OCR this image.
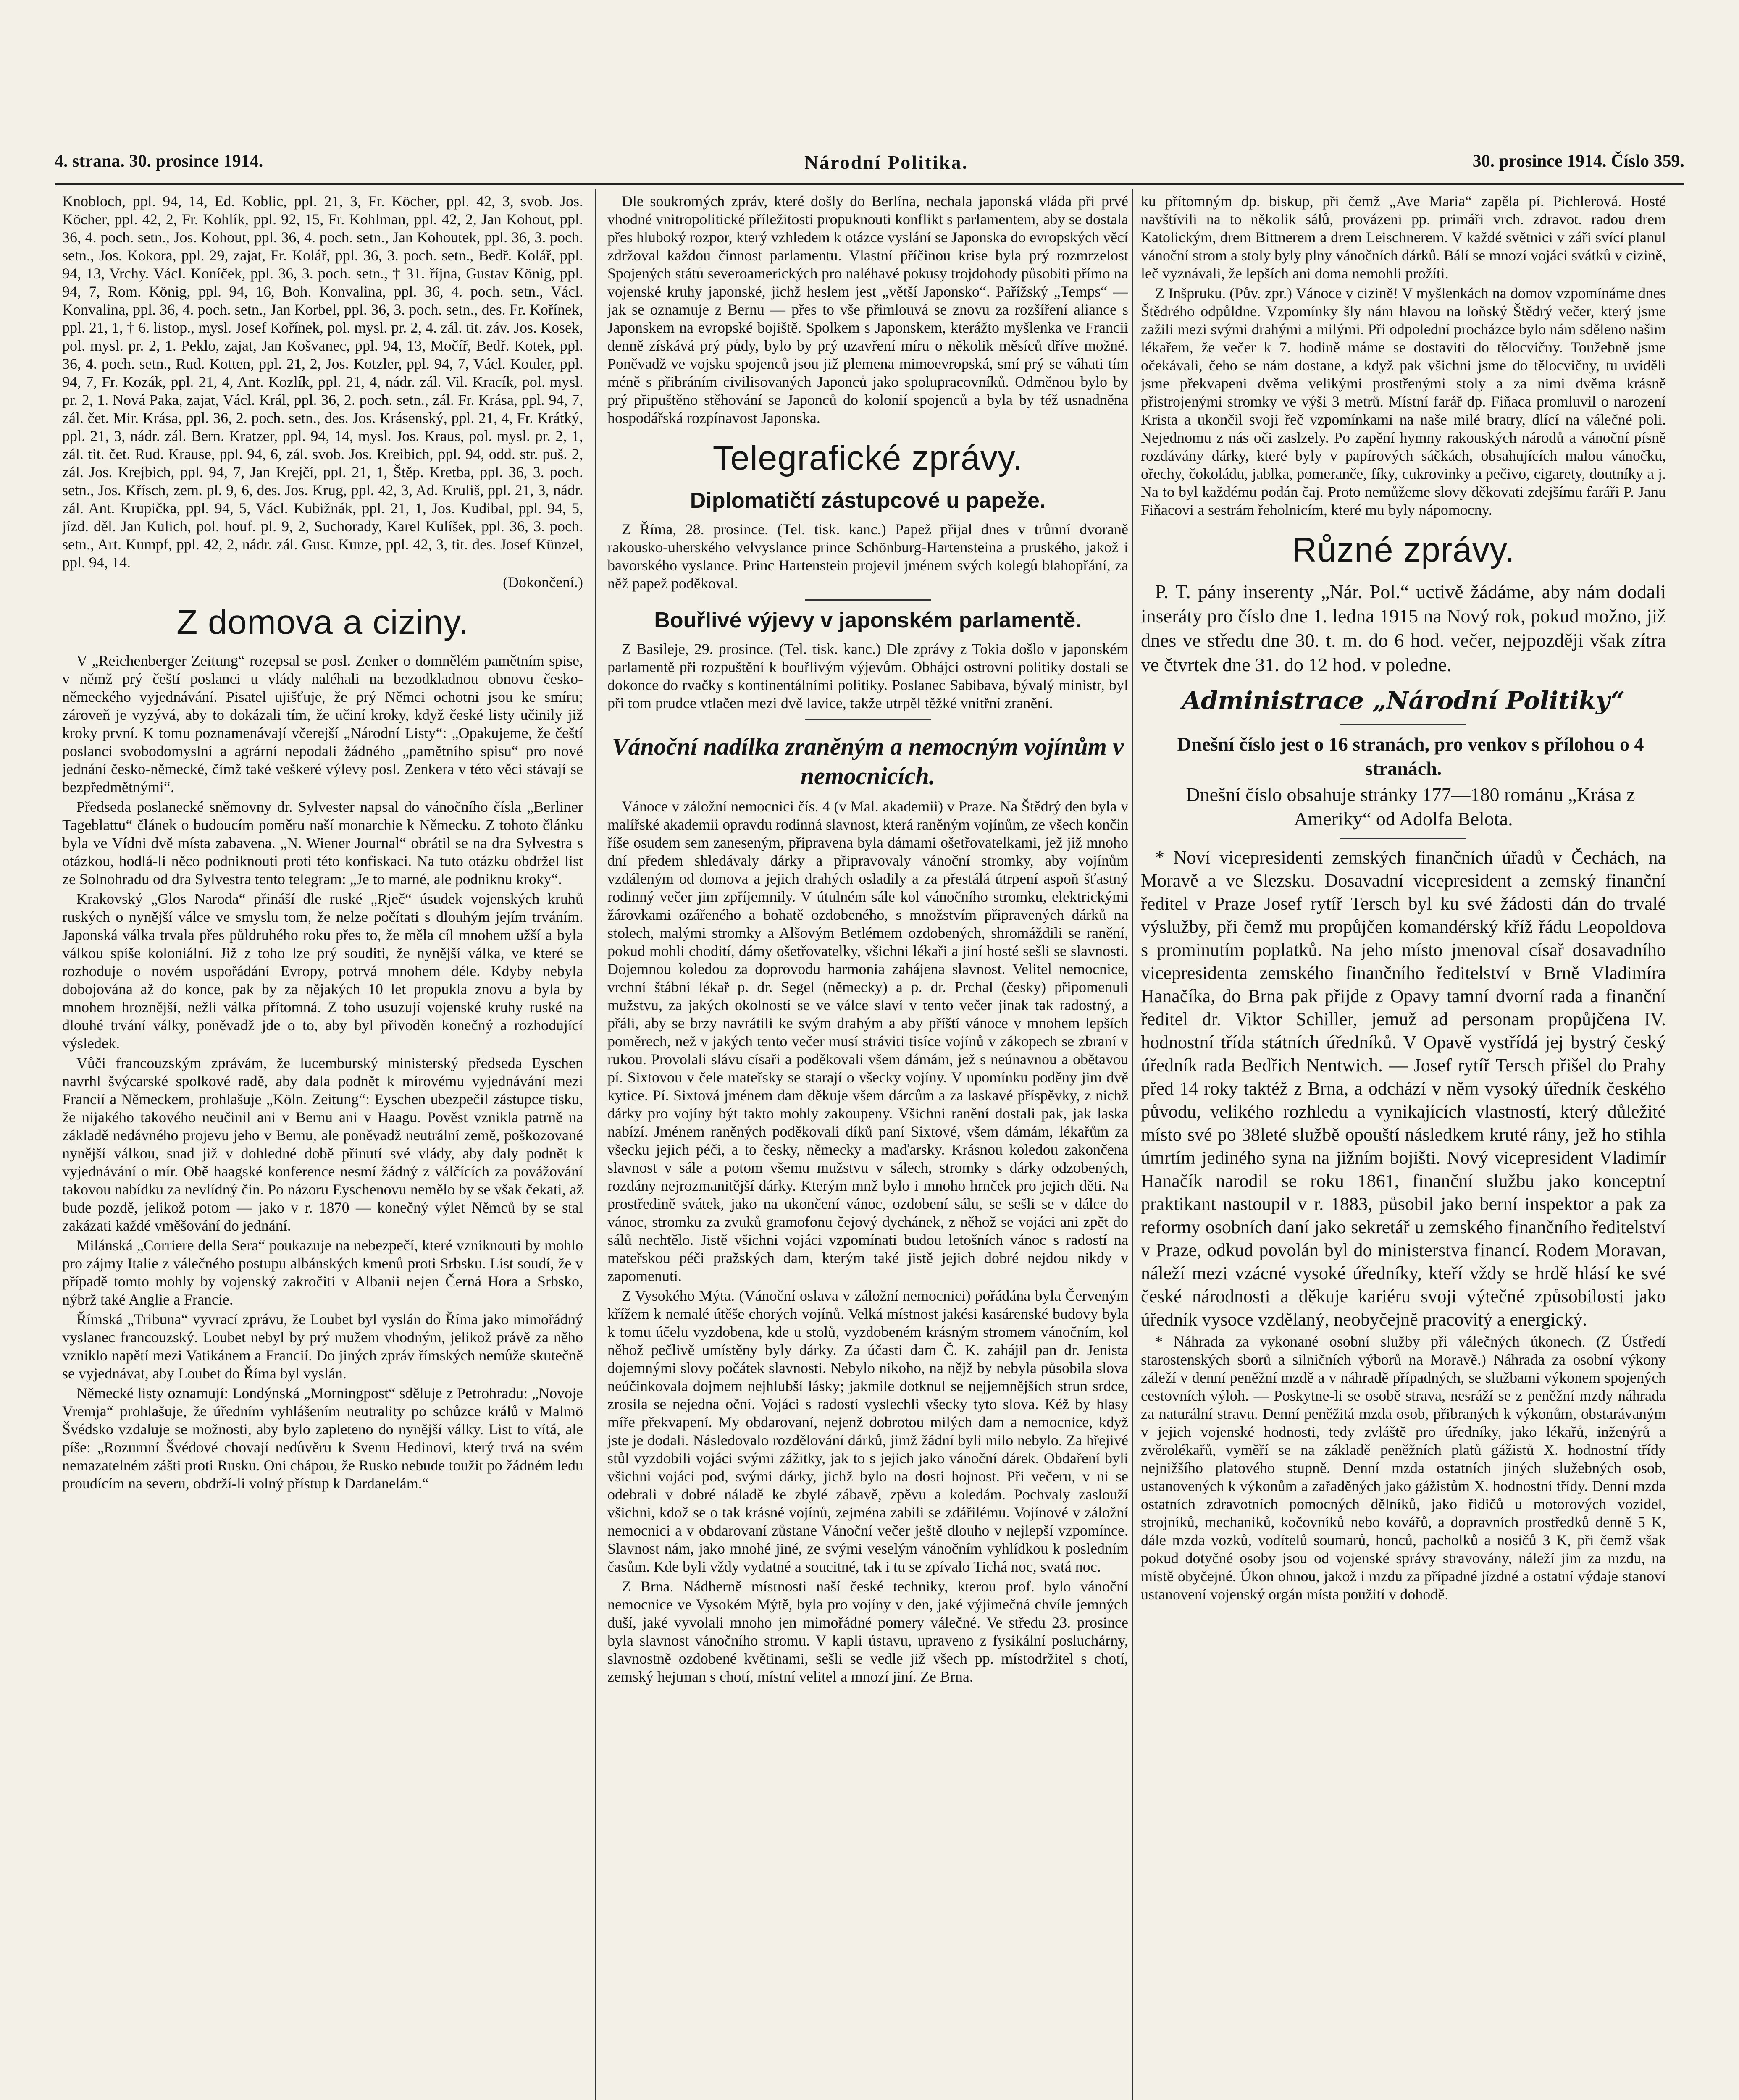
4. strana. 30. prosince 1914.	Národní Politika.	30. prosince 1914. Číslo 359.

Knobloch, ppl. 94, 14, Ed. Koblic, ppl. 21, 3, Fr. Köcher, ppl. 42, 3, svob. Jos. Köcher, ppl. 42, 2, Fr. Kohlík, ppl. 92, 15, Fr. Kohlman, ppl. 42, 2, Jan Kohout, ppl. 36, 4. poch. setn., Jos. Kohout, ppl. 36, 4. poch. setn., Jan Kohoutek, ppl. 36, 3. poch. setn., Jos. Kokora, ppl. 29, zajat, Fr. Kolář, ppl. 36, 3. poch. setn., Bedř. Kolář, ppl. 94, 13, Vrchy. Václ. Koníček, ppl. 36, 3. poch. setn., † 31. října, Gustav König, ppl. 94, 7, Rom. König, ppl. 94, 16, Boh. Konvalina, ppl. 36, 4. poch. setn., Václ. Konvalina, ppl. 36, 4. poch. setn., Jan Korbel, ppl. 36, 3. poch. setn., des. Fr. Kořínek, ppl. 21, 1, † 6. listop., mysl. Josef Kořínek, pol. mysl. pr. 2, 4. zál. tit. záv. Jos. Kosek, pol. mysl. pr. 2, 1. Peklo, zajat, Jan Košvanec, ppl. 94, 13, Močíř, Bedř. Kotek, ppl. 36, 4. poch. setn., Rud. Kotten, ppl. 21, 2, Jos. Kotzler, ppl. 94, 7, Václ. Kouler, ppl. 94, 7, Fr. Kozák, ppl. 21, 4, Ant. Kozlík, ppl. 21, 4, nádr. zál. Vil. Kracík, pol. mysl. pr. 2, 1. Nová Paka, zajat, Václ. Král, ppl. 36, 2. poch. setn., zál. Fr. Krása, ppl. 94, 7, zál. čet. Mir. Krása, ppl. 36, 2. poch. setn., des. Jos. Krásenský, ppl. 21, 4, Fr. Krátký, ppl. 21, 3, nádr. zál. Bern. Kratzer, ppl. 94, 14, mysl. Jos. Kraus, pol. mysl. pr. 2, 1, zál. tit. čet. Rud. Krause, ppl. 94, 6, zál. svob. Jos. Kreibich, ppl. 94, odd. str. puš. 2, zál. Jos. Krejbich, ppl. 94, 7, Jan Krejčí, ppl. 21, 1, Štěp. Kretba, ppl. 36, 3. poch. setn., Jos. Křísch, zem. pl. 9, 6, des. Jos. Krug, ppl. 42, 3, Ad. Kruliš, ppl. 21, 3, nádr. zál. Ant. Krupička, ppl. 94, 5, Václ. Kubižnák, ppl. 21, 1, Jos. Kudibal, ppl. 94, 5, jízd. děl. Jan Kulich, pol. houf. pl. 9, 2, Suchorady, Karel Kulíšek, ppl. 36, 3. poch. setn., Art. Kumpf, ppl. 42, 2, nádr. zál. Gust. Kunze, ppl. 42, 3, tit. des. Josef Künzel, ppl. 94, 14.

(Dokončení.)

Z domova a ciziny.

V „Reichenberger Zeitung“ rozepsal se posl. Zenker o domnělém pamětním spise, v němž prý čeští poslanci u vlády naléhali na bezodkladnou obnovu česko-německého vyjednávání. Pisatel ujišťuje, že prý Němci ochotni jsou ke smíru; zároveň je vyzývá, aby to dokázali tím, že učiní kroky, když české listy učinily již kroky první. K tomu poznamenávají včerejší „Národní Listy“: „Opakujeme, že čeští poslanci svobodomyslní a agrární nepodali žádného „pamětního spisu“ pro nové jednání česko-německé, čímž také veškeré výlevy posl. Zenkera v této věci stávají se bezpředmětnými“.

Předseda poslanecké sněmovny dr. Sylvester napsal do vánočního čísla „Berliner Tageblattu“ článek o budoucím poměru naší monarchie k Německu. Z tohoto článku byla ve Vídni dvě místa zabavena. „N. Wiener Journal“ obrátil se na dra Sylvestra s otázkou, hodlá-li něco podniknouti proti této konfiskaci. Na tuto otázku obdržel list ze Solnohradu od dra Sylvestra tento telegram: „Je to marné, ale podniknu kroky“.

Krakovský „Glos Naroda“ přináší dle ruské „Rječ“ úsudek vojenských kruhů ruských o nynější válce ve smyslu tom, že nelze počítati s dlouhým jejím trváním. Japonská válka trvala přes půldruhého roku přes to, že měla cíl mnohem užší a byla válkou spíše koloniální. Již z toho lze prý souditi, že nynější válka, ve které se rozhoduje o novém uspořádání Evropy, potrvá mnohem déle. Kdyby nebyla dobojována až do konce, pak by za nějakých 10 let propukla znovu a byla by mnohem hroznější, nežli válka přítomná. Z toho usuzují vojenské kruhy ruské na dlouhé trvání války, poněvadž jde o to, aby byl přivoděn konečný a rozhodující výsledek.

Vůči francouzským zprávám, že lucemburský ministerský předseda Eyschen navrhl švýcarské spolkové radě, aby dala podnět k mírovému vyjednávání mezi Francií a Německem, prohlašuje „Köln. Zeitung“: Eyschen ubezpečil zástupce tisku, že nijakého takového neučinil ani v Bernu ani v Haagu. Pověst vznikla patrně na základě nedávného projevu jeho v Bernu, ale poněvadž neutrální země, poškozované nynější válkou, snad již v dohledné době přinutí své vlády, aby daly podnět k vyjednávání o mír. Obě haagské konference nesmí žádný z válčících za povážování takovou nabídku za nevlídný čin. Po názoru Eyschenovu nemělo by se však čekati, až bude pozdě, jelikož potom — jako v r. 1870 — konečný výlet Němců by se stal zakázati každé vměšování do jednání.

Milánská „Corriere della Sera“ poukazuje na nebezpečí, které vzniknouti by mohlo pro zájmy Italie z válečného postupu albánských kmenů proti Srbsku. List soudí, že v případě tomto mohly by vojenský zakročiti v Albanii nejen Černá Hora a Srbsko, nýbrž také Anglie a Francie.

Římská „Tribuna“ vyvrací zprávu, že Loubet byl vyslán do Říma jako mimořádný vyslanec francouzský. Loubet nebyl by prý mužem vhodným, jelikož právě za něho vzniklo napětí mezi Vatikánem a Francií. Do jiných zpráv římských nemůže skutečně se vyjednávat, aby Loubet do Říma byl vyslán.

Německé listy oznamují: Londýnská „Morningpost“ sděluje z Petrohradu: „Novoje Vremja“ prohlašuje, že úředním vyhlášením neutrality po schůzce králů v Malmö Švédsko vzdaluje se možnosti, aby bylo zapleteno do nynější války. List to vítá, ale píše: „Rozumní Švédové chovají nedůvěru k Svenu Hedinovi, který trvá na svém nemazatelném zášti proti Rusku. Oni chápou, že Rusko nebude toužit po žádném ledu proudícím na severu, obdrží-li volný přístup k Dardanelám.“

Dle soukromých zpráv, které došly do Berlína, nechala japonská vláda při prvé vhodné vnitropolitické příležitosti propuknouti konflikt s parlamentem, aby se dostala přes hluboký rozpor, který vzhledem k otázce vyslání se Japonska do evropských věcí zdržoval každou činnost parlamentu. Vlastní příčinou krise byla prý rozmrzelost Spojených států severoamerických pro naléhavé pokusy trojdohody působiti přímo na vojenské kruhy japonské, jichž heslem jest „větší Japonsko“. Pařížský „Temps“ — jak se oznamuje z Bernu — přes to vše přimlouvá se znovu za rozšíření aliance s Japonskem na evropské bojiště. Spolkem s Japonskem, kterážto myšlenka ve Francii denně získává prý půdy, bylo by prý uzavření míru o několik měsíců dříve možné. Poněvadž ve vojsku spojenců jsou již plemena mimoevropská, smí prý se váhati tím méně s přibráním civilisovaných Japonců jako spolupracovníků. Odměnou bylo by prý připuštěno stěhování se Japonců do kolonií spojenců a byla by též usnadněna hospodářská rozpínavost Japonska.

Telegrafické zprávy.
Diplomatičtí zástupcové u papeže.

Z Říma, 28. prosince. (Tel. tisk. kanc.) Papež přijal dnes v trůnní dvoraně rakousko-uherského velvyslance prince Schönburg-Hartensteina a pruského, jakož i bavorského vyslance. Princ Hartenstein projevil jménem svých kolegů blahopřání, za něž papež poděkoval.

Bouřlivé výjevy v japonském parlamentě.

Z Basileje, 29. prosince. (Tel. tisk. kanc.) Dle zprávy z Tokia došlo v japonském parlamentě při rozpuštění k bouřlivým výjevům. Obhájci ostrovní politiky dostali se dokonce do rvačky s kontinentálními politiky. Poslanec Sabibava, bývalý ministr, byl při tom prudce vtlačen mezi dvě lavice, takže utrpěl těžké vnitřní zranění.

Vánoční nadílka zraněným a nemocným vojínům v nemocnicích.

Vánoce v záložní nemocnici čís. 4 (v Mal. akademii) v Praze. Na Štědrý den byla v malířské akademii opravdu rodinná slavnost, která raněným vojínům, ze všech končin říše osudem sem zaneseným, připravena byla dámami ošetřovatelkami, jež již mnoho dní předem shledávaly dárky a připravovaly vánoční stromky, aby vojínům vzdáleným od domova a jejich drahých osladily a za přestálá útrpení aspoň šťastný rodinný večer jim zpříjemnily. V útulném sále kol vánočního stromku, elektrickými žárovkami ozářeného a bohatě ozdobeného, s množstvím připravených dárků na stolech, malými stromky a Alšovým Betlémem ozdobených, shromáždili se ranění, pokud mohli chodití, dámy ošetřovatelky, všichni lékaři a jiní hosté sešli se slavnosti. Dojemnou koledou za doprovodu harmonia zahájena slavnost. Velitel nemocnice, vrchní štábní lékař p. dr. Segel (německy) a p. dr. Prchal (česky) připomenuli mužstvu, za jakých okolností se ve válce slaví v tento večer jinak tak radostný, a přáli, aby se brzy navrátili ke svým drahým a aby příští vánoce v mnohem lepších poměrech, než v jakých tento večer musí stráviti tisíce vojínů v zákopech se zbraní v rukou. Provolali slávu císaři a poděkovali všem dámám, jež s neúnavnou a obětavou pí. Sixtovou v čele mateřsky se starají o všecky vojíny. V upomínku poděny jim dvě kytice. Pí. Sixtová jménem dam děkuje všem dárcům a za laskavé příspěvky, z nichž dárky pro vojíny být takto mohly zakoupeny. Všichni ranění dostali pak, jak laska nabízí. Jménem raněných poděkovali díků paní Sixtové, všem dámám, lékařům za všecku jejich péči, a to česky, německy a maďarsky. Krásnou koledou zakončena slavnost v sále a potom všemu mužstvu v sálech, stromky s dárky odzobených, rozdány nejrozmanitější dárky. Kterým mnž bylo i mnoho hrnček pro jejich děti. Na prostředině svátek, jako na ukončení vánoc, ozdobení sálu, se sešli se v dálce do vánoc, stromku za zvuků gramofonu čejový dychánek, z něhož se vojáci ani zpět do sálů nechtělo. Jistě všichni vojáci vzpomínati budou letošních vánoc s radostí na mateřskou péči pražských dam, kterým také jistě jejich dobré nejdou nikdy v zapomenutí.

Z Vysokého Mýta. (Vánoční oslava v záložní nemocnici) pořádána byla Červeným křížem k nemalé útěše chorých vojínů. Velká místnost jakési kasárenské budovy byla k tomu účelu vyzdobena, kde u stolů, vyzdobeném krásným stromem vánočním, kol něhož pečlivě umístěny byly dárky. Za účasti dam Č. K. zahájil pan dr. Jenista dojemnými slovy počátek slavnosti. Nebylo nikoho, na nějž by nebyla působila slova neúčinkovala dojmem nejhlubší lásky; jakmile dotknul se nejjemnějších strun srdce, zrosila se nejedna oční. Vojáci s radostí vyslechli všecky tyto slova. Kéž by hlasy míře překvapení. My obdarovaní, nejenž dobrotou milých dam a nemocnice, když jste je dodali. Následovalo rozdělování dárků, jimž žádní byli milo nebylo. Za hřejivé stůl vyzdobili vojáci svými zážitky, jak to s jejich jako vánoční dárek. Obdaření byli všichni vojáci pod, svými dárky, jichž bylo na dosti hojnost. Při večeru, v ni se odebrali v dobré náladě ke zbylé zábavě, zpěvu a koledám. Pochvaly zaslouží všichni, kdož se o tak krásné vojínů, zejména zabili se zdářilému. Vojínové v záložní nemocnici a v obdarovaní zůstane Vánoční večer ještě dlouho v nejlepší vzpomínce. Slavnost nám, jako mnohé jiné, ze svými veselým vánočním vyhlídkou k posledním časům. Kde byli vždy vydatné a soucitné, tak i tu se zpívalo Tichá noc, svatá noc.

Z Brna. Nádherně místnosti naší české techniky, kterou prof. bylo vánoční nemocnice ve Vysokém Mýtě, byla pro vojíny v den, jaké výjimečná chvíle jemných duší, jaké vyvolali mnoho jen mimořádné pomery válečné. Ve středu 23. prosince byla slavnost vánočního stromu. V kapli ústavu, upraveno z fysikální posluchárny, slavnostně ozdobené květinami, sešli se vedle již všech pp. místodržitel s chotí, zemský hejtman s chotí, místní velitel a mnozí jiní. Ze Brna.

ku přítomným dp. biskup, při čemž „Ave Maria“ zapěla pí. Pichlerová. Hosté navštívili na to několik sálů, provázeni pp. primáři vrch. zdravot. radou drem Katolickým, drem Bittnerem a drem Leischnerem. V každé světnici v záři svící planul vánoční strom a stoly byly plny vánočních dárků. Bálí se mnozí vojáci svátků v cizině, leč vyznávali, že lepších ani doma nemohli prožíti.

Z Inšpruku. (Pův. zpr.) Vánoce v cizině! V myšlenkách na domov vzpomínáme dnes Štědrého odpůldne. Vzpomínky šly nám hlavou na loňský Štědrý večer, který jsme zažili mezi svými drahými a milými. Při odpolední procházce bylo nám sděleno našim lékařem, že večer k 7. hodině máme se dostaviti do tělocvičny. Toužebně jsme očekávali, čeho se nám dostane, a když pak všichni jsme do tělocvičny, tu uviděli jsme překvapeni dvěma velikými prostřenými stoly a za nimi dvěma krásně přistrojenými stromky ve výši 3 metrů. Místní farář dp. Fiňaca promluvil o narození Krista a ukončil svoji řeč vzpomínkami na naše milé bratry, dlící na válečné poli. Nejednomu z nás oči zaslzely. Po zapění hymny rakouských národů a vánoční písně rozdávány dárky, které byly v papírových sáčkách, obsahujících malou vánočku, ořechy, čokoládu, jablka, pomeranče, fíky, cukrovinky a pečivo, cigarety, doutníky a j. Na to byl každému podán čaj. Proto nemůžeme slovy děkovati zdejšímu faráři P. Janu Fiňacovi a sestrám řeholnicím, které mu byly nápomocny.

Různé zprávy.

P. T. pány inserenty „Nár. Pol.“ uctivě žádáme, aby nám dodali inseráty pro číslo dne 1. ledna 1915 na Nový rok, pokud možno, již dnes ve středu dne 30. t. m. do 6 hod. večer, nejpozději však zítra ve čtvrtek dne 31. do 12 hod. v poledne.

Administrace „Národní Politiky“

Dnešní číslo jest o 16 stranách, pro venkov s přílohou o 4 stranách.

Dnešní číslo obsahuje stránky 177—180 románu „Krása z Ameriky“ od Adolfa Belota.

* Noví vicepresidenti zemských finančních úřadů v Čechách, na Moravě a ve Slezsku. Dosavadní vicepresident a zemský finanční ředitel v Praze Josef rytíř Tersch byl ku své žádosti dán do trvalé výslužby, při čemž mu propůjčen komandérský kříž řádu Leopoldova s prominutím poplatků. Na jeho místo jmenoval císař dosavadního vicepresidenta zemského finančního ředitelství v Brně Vladimíra Hanačíka, do Brna pak přijde z Opavy tamní dvorní rada a finanční ředitel dr. Viktor Schiller, jemuž ad personam propůjčena IV. hodnostní třída státních úředníků. V Opavě vystřídá jej bystrý český úředník rada Bedřich Nentwich. — Josef rytíř Tersch přišel do Prahy před 14 roky taktéž z Brna, a odchází v něm vysoký úředník českého původu, velikého rozhledu a vynikajících vlastností, který důležité místo své po 38leté službě opouští následkem kruté rány, jež ho stihla úmrtím jediného syna na jižním bojišti. Nový vicepresident Vladimír Hanačík narodil se roku 1861, finanční službu jako konceptní praktikant nastoupil v r. 1883, působil jako berní inspektor a pak za reformy osobních daní jako sekretář u zemského finančního ředitelství v Praze, odkud povolán byl do ministerstva financí. Rodem Moravan, náleží mezi vzácné vysoké úředníky, kteří vždy se hrdě hlásí ke své české národnosti a děkuje kariéru svoji výtečné způsobilosti jako úředník vysoce vzdělaný, neobyčejně pracovitý a energický.

* Náhrada za vykonané osobní služby při válečných úkonech. (Z Ústředí starostenských sborů a silničních výborů na Moravě.) Náhrada za osobní výkony záleží v denní peněžní mzdě a v náhradě případných, se službami výkonem spojených cestovních výloh. — Poskytne-li se osobě strava, nesráží se z peněžní mzdy náhrada za naturální stravu. Denní peněžitá mzda osob, přibraných k výkonům, obstarávaným v jejich vojenské hodnosti, tedy zvláště pro úředníky, jako lékařů, inženýrů a zvěrolékařů, vyměří se na základě peněžních platů gážistů X. hodnostní třídy nejnižšího platového stupně. Denní mzda ostatních jiných služebných osob, ustanovených k výkonům a zařaděných jako gážistům X. hodnostní třídy. Denní mzda ostatních zdravotních pomocných dělníků, jako řidičů u motorových vozidel, strojníků, mechaniků, kočovníků nebo kovářů, a dopravních prostředků denně 5 K, dále mzda vozků, vodítelů soumarů, honců, pacholků a nosičů 3 K, při čemž však pokud dotyčné osoby jsou od vojenské správy stravovány, náleží jim za mzdu, na místě obyčejné. Úkon ohnou, jakož i mzdu za případné jízdné a ostatní výdaje stanoví ustanovení vojenský orgán místa použití v dohodě.
